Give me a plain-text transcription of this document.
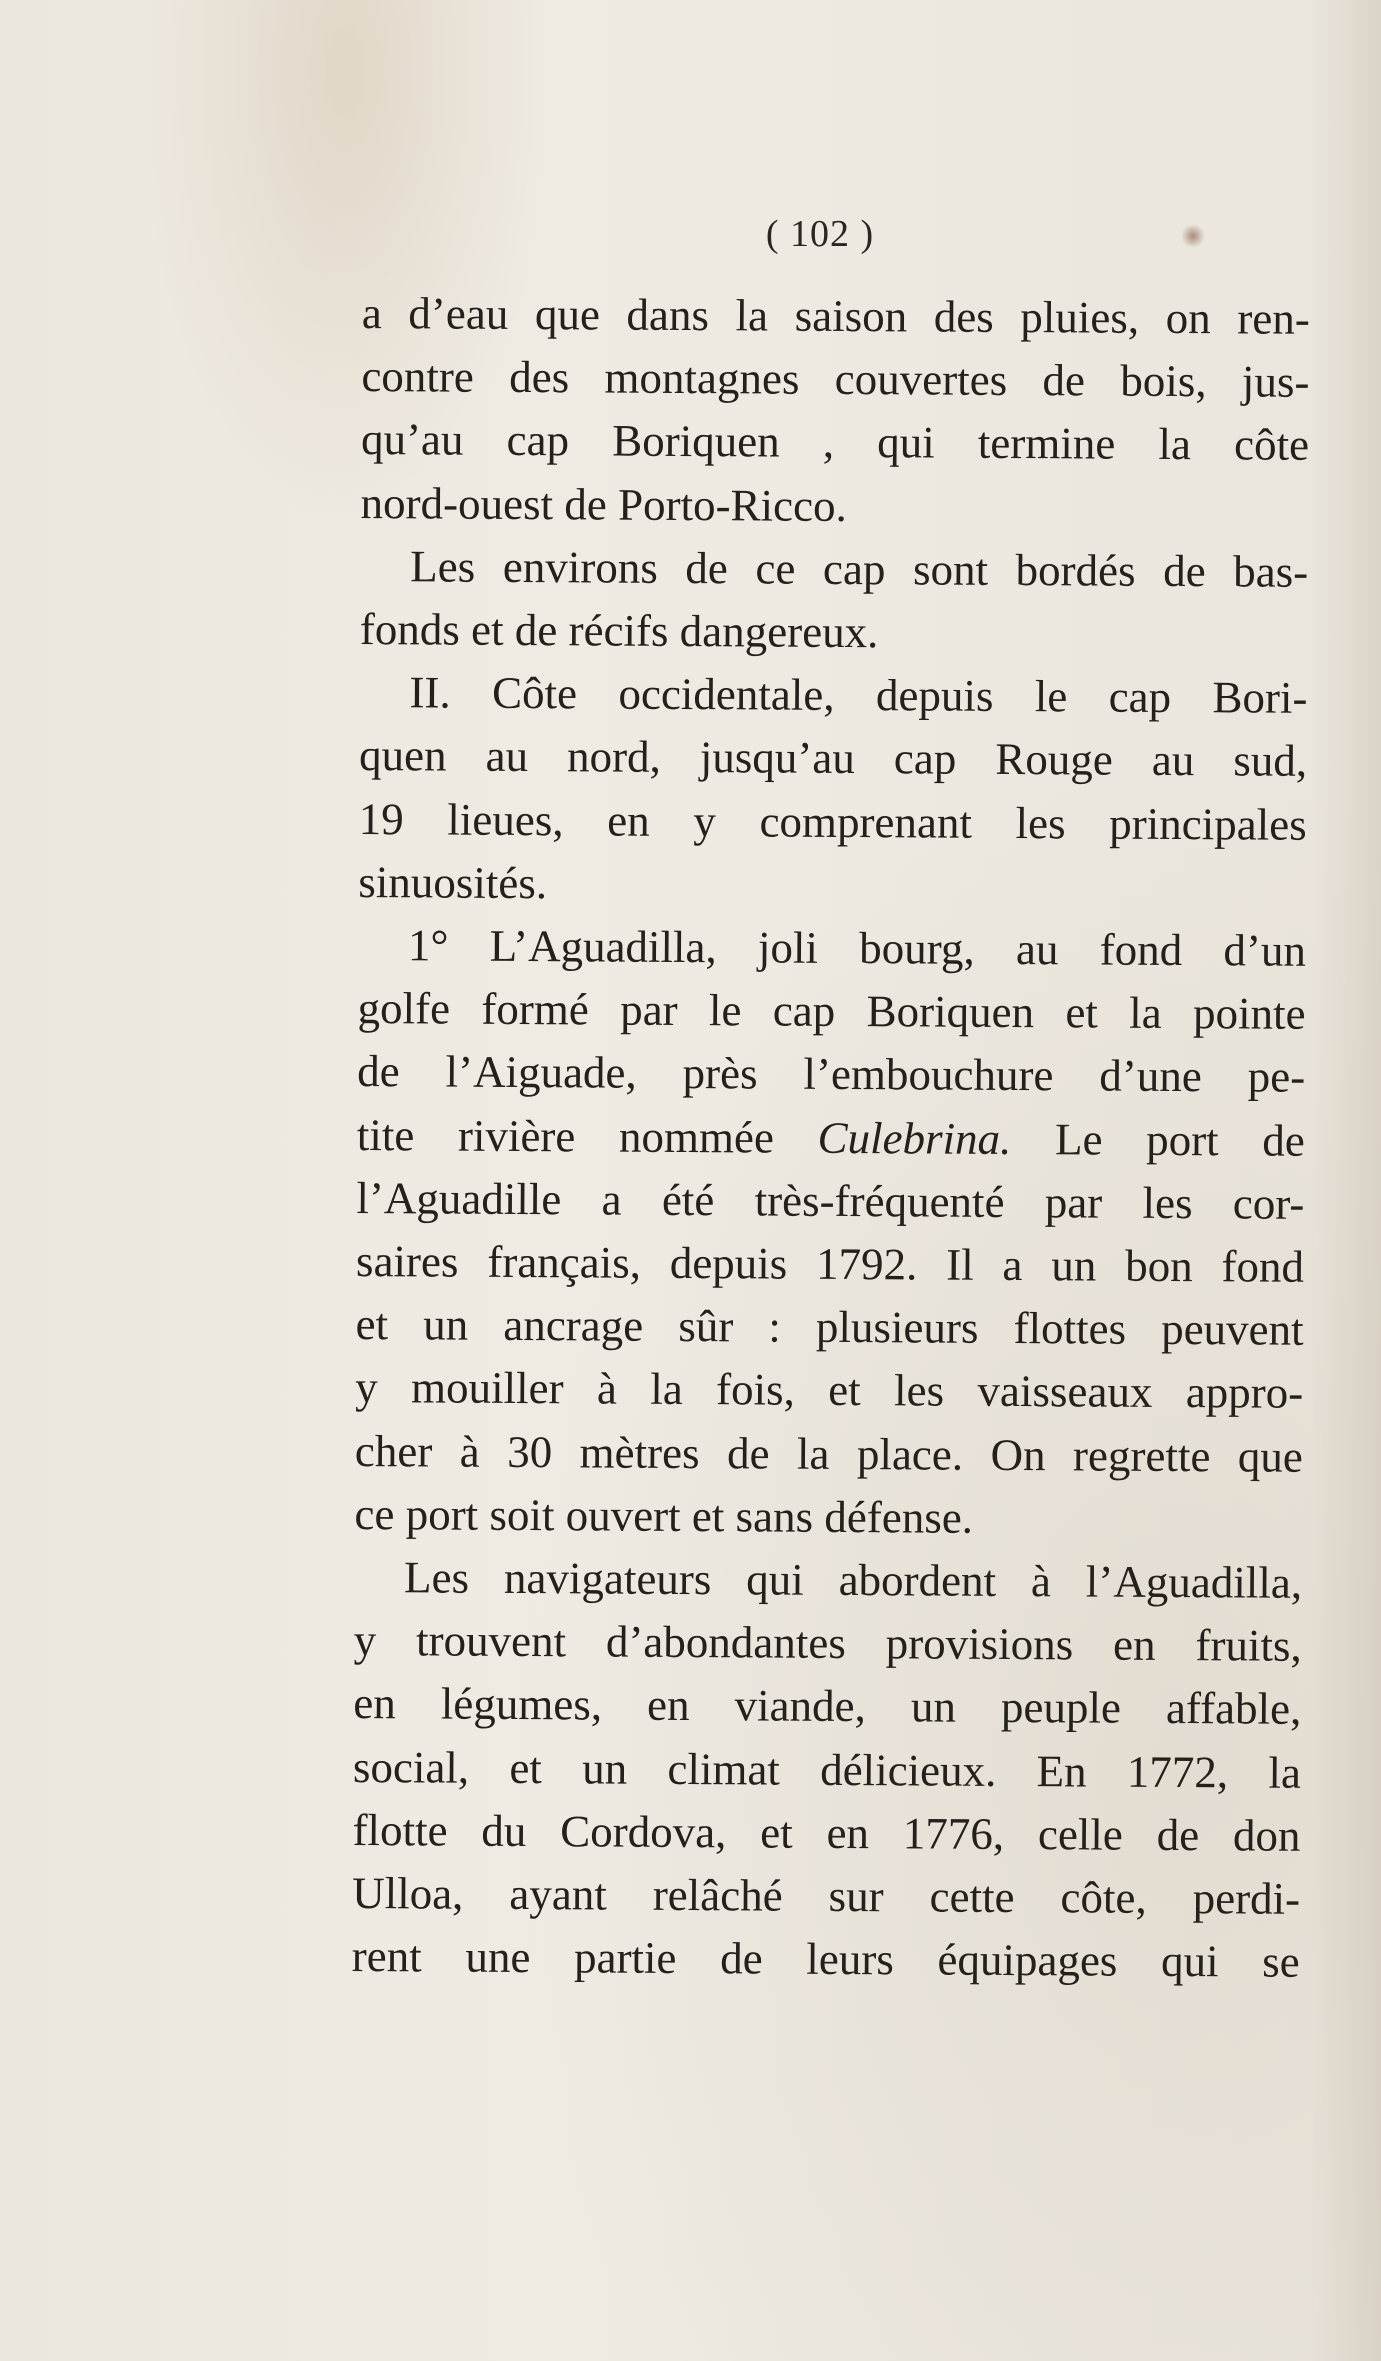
( 102 )
a d’eau que dans la saison des pluies, on ren-
contre des montagnes couvertes de bois, jus-
qu’au cap Boriquen , qui termine la côte
nord-ouest de Porto-Ricco.
Les environs de ce cap sont bordés de bas-
fonds et de récifs dangereux.
II. Côte occidentale, depuis le cap Bori-
quen au nord, jusqu’au cap Rouge au sud,
19 lieues, en y comprenant les principales
sinuosités.
1° L’Aguadilla, joli bourg, au fond d’un
golfe formé par le cap Boriquen et la pointe
de l’Aiguade, près l’embouchure d’une pe-
tite rivière nommée Culebrina. Le port de
l’Aguadille a été très-fréquenté par les cor-
saires français, depuis 1792. Il a un bon fond
et un ancrage sûr : plusieurs flottes peuvent
y mouiller à la fois, et les vaisseaux appro-
cher à 30 mètres de la place. On regrette que
ce port soit ouvert et sans défense.
Les navigateurs qui abordent à l’Aguadilla,
y trouvent d’abondantes provisions en fruits,
en légumes, en viande, un peuple affable,
social, et un climat délicieux. En 1772, la
flotte du Cordova, et en 1776, celle de don
Ulloa, ayant relâché sur cette côte, perdi-
rent une partie de leurs équipages qui se
